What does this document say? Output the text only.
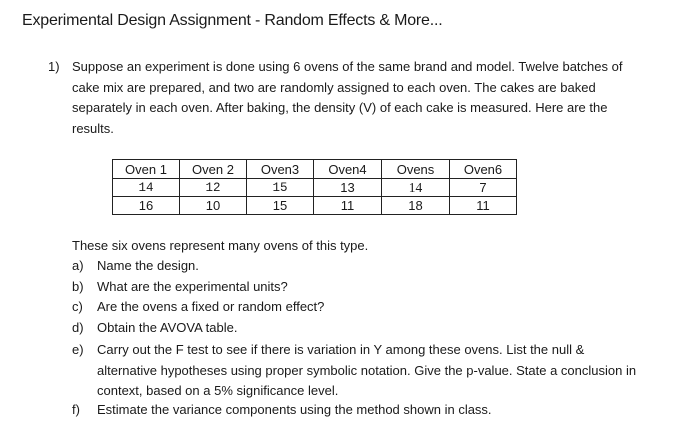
Experimental Design Assignment - Random Effects & More...
1) Suppose an experiment is done using 6 ovens of the same brand and model. Twelve batches of cake mix are prepared, and two are randomly assigned to each oven. The cakes are baked separately in each oven. After baking, the density (V) of each cake is measured. Here are the results.

Oven 1	Oven 2	Oven3	Oven4	Ovens	Oven6
14	12	15	13	14	7
16	10	15	11	18	11
These six ovens represent many ovens of this type.
a) Name the design.
b) What are the experimental units?
c) Are the ovens a fixed or random effect?
d) Obtain the AVOVA table.
e) Carry out the F test to see if there is variation in Y among these ovens. List the null & alternative hypotheses using proper symbolic notation. Give the p-value. State a conclusion in context, based on a 5% significance level.
f) Estimate the variance components using the method shown in class.
